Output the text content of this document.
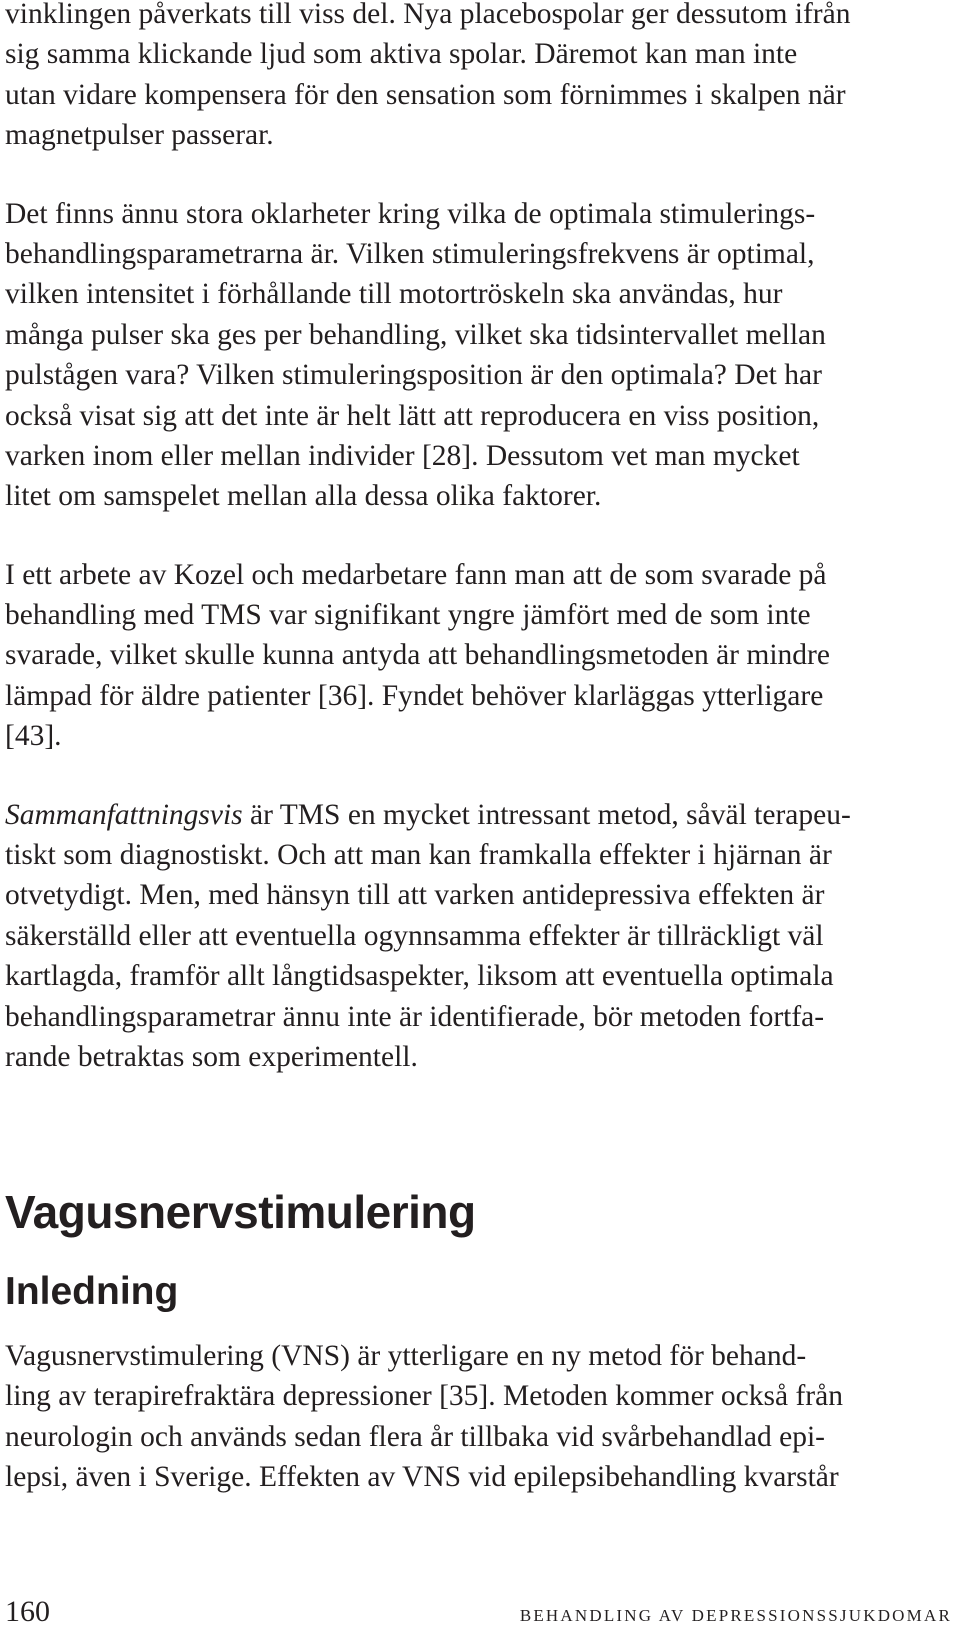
vinklingen påverkats till viss del. Nya placebospolar ger dessutom ifrån
sig samma klickande ljud som aktiva spolar. Däremot kan man inte
utan vidare kompensera för den sensation som förnimmes i skalpen när
magnetpulser passerar.
Det finns ännu stora oklarheter kring vilka de optimala stimulerings-
behandlingsparametrarna är. Vilken stimuleringsfrekvens är optimal,
vilken intensitet i förhållande till motortröskeln ska användas, hur
många pulser ska ges per behandling, vilket ska tidsintervallet mellan
pulstågen vara? Vilken stimuleringsposition är den optimala? Det har
också visat sig att det inte är helt lätt att reproducera en viss position,
varken inom eller mellan individer [28]. Dessutom vet man mycket
litet om samspelet mellan alla dessa olika faktorer.
I ett arbete av Kozel och medarbetare fann man att de som svarade på
behandling med TMS var signifikant yngre jämfört med de som inte
svarade, vilket skulle kunna antyda att behandlingsmetoden är mindre
lämpad för äldre patienter [36]. Fyndet behöver klarläggas ytterligare
[43].
Sammanfattningsvis är TMS en mycket intressant metod, såväl terapeu-
tiskt som diagnostiskt. Och att man kan framkalla effekter i hjärnan är
otvetydigt. Men, med hänsyn till att varken antidepressiva effekten är
säkerställd eller att eventuella ogynnsamma effekter är tillräckligt väl
kartlagda, framför allt långtidsaspekter, liksom att eventuella optimala
behandlingsparametrar ännu inte är identifierade, bör metoden fortfa-
rande betraktas som experimentell.
Vagusnervstimulering
Inledning
Vagusnervstimulering (VNS) är ytterligare en ny metod för behand-
ling av terapirefraktära depressioner [35]. Metoden kommer också från
neurologin och används sedan flera år tillbaka vid svårbehandlad epi-
lepsi, även i Sverige. Effekten av VNS vid epilepsibehandling kvarstår
160	BEHANDLING AV DEPRESSIONSSJUKDOMAR
